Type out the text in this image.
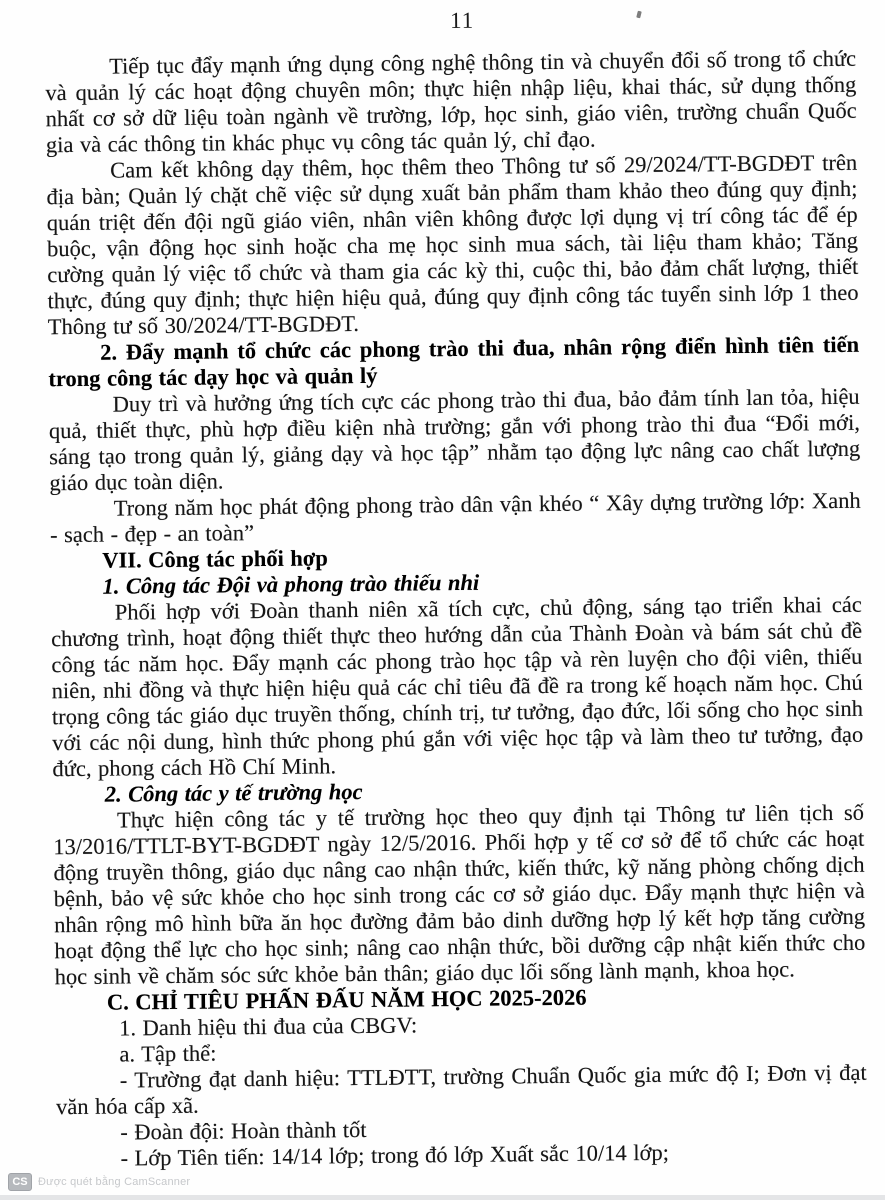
11

Tiếp tục đẩy mạnh ứng dụng công nghệ thông tin và chuyển đổi số trong tổ chức và quản lý các hoạt động chuyên môn; thực hiện nhập liệu, khai thác, sử dụng thống nhất cơ sở dữ liệu toàn ngành về trường, lớp, học sinh, giáo viên, trường chuẩn Quốc gia và các thông tin khác phục vụ công tác quản lý, chỉ đạo.

Cam kết không dạy thêm, học thêm theo Thông tư số 29/2024/TT-BGDĐT trên địa bàn; Quản lý chặt chẽ việc sử dụng xuất bản phẩm tham khảo theo đúng quy định; quán triệt đến đội ngũ giáo viên, nhân viên không được lợi dụng vị trí công tác để ép buộc, vận động học sinh hoặc cha mẹ học sinh mua sách, tài liệu tham khảo; Tăng cường quản lý việc tổ chức và tham gia các kỳ thi, cuộc thi, bảo đảm chất lượng, thiết thực, đúng quy định; thực hiện hiệu quả, đúng quy định công tác tuyển sinh lớp 1 theo Thông tư số 30/2024/TT-BGDĐT.

2. Đẩy mạnh tổ chức các phong trào thi đua, nhân rộng điển hình tiên tiến trong công tác dạy học và quản lý

Duy trì và hưởng ứng tích cực các phong trào thi đua, bảo đảm tính lan tỏa, hiệu quả, thiết thực, phù hợp điều kiện nhà trường; gắn với phong trào thi đua “Đổi mới, sáng tạo trong quản lý, giảng dạy và học tập” nhằm tạo động lực nâng cao chất lượng giáo dục toàn diện.

Trong năm học phát động phong trào dân vận khéo “ Xây dựng trường lớp: Xanh - sạch - đẹp - an toàn”

VII. Công tác phối hợp

1. Công tác Đội và phong trào thiếu nhi

Phối hợp với Đoàn thanh niên xã tích cực, chủ động, sáng tạo triển khai các chương trình, hoạt động thiết thực theo hướng dẫn của Thành Đoàn và bám sát chủ đề công tác năm học. Đẩy mạnh các phong trào học tập và rèn luyện cho đội viên, thiếu niên, nhi đồng và thực hiện hiệu quả các chỉ tiêu đã đề ra trong kế hoạch năm học. Chú trọng công tác giáo dục truyền thống, chính trị, tư tưởng, đạo đức, lối sống cho học sinh với các nội dung, hình thức phong phú gắn với việc học tập và làm theo tư tưởng, đạo đức, phong cách Hồ Chí Minh.

2. Công tác y tế trường học

Thực hiện công tác y tế trường học theo quy định tại Thông tư liên tịch số 13/2016/TTLT-BYT-BGDĐT ngày 12/5/2016. Phối hợp y tế cơ sở để tổ chức các hoạt động truyền thông, giáo dục nâng cao nhận thức, kiến thức, kỹ năng phòng chống dịch bệnh, bảo vệ sức khỏe cho học sinh trong các cơ sở giáo dục. Đẩy mạnh thực hiện và nhân rộng mô hình bữa ăn học đường đảm bảo dinh dưỡng hợp lý kết hợp tăng cường hoạt động thể lực cho học sinh; nâng cao nhận thức, bồi dưỡng cập nhật kiến thức cho học sinh về chăm sóc sức khỏe bản thân; giáo dục lối sống lành mạnh, khoa học.

C. CHỈ TIÊU PHẤN ĐẤU NĂM HỌC 2025-2026

1. Danh hiệu thi đua của CBGV:

a. Tập thể:

- Trường đạt danh hiệu: TTLĐTT, trường Chuẩn Quốc gia mức độ I; Đơn vị đạt văn hóa cấp xã.

- Đoàn đội: Hoàn thành tốt

- Lớp Tiên tiến: 14/14 lớp; trong đó lớp Xuất sắc 10/14 lớp;

CS Được quét bằng CamScanner
